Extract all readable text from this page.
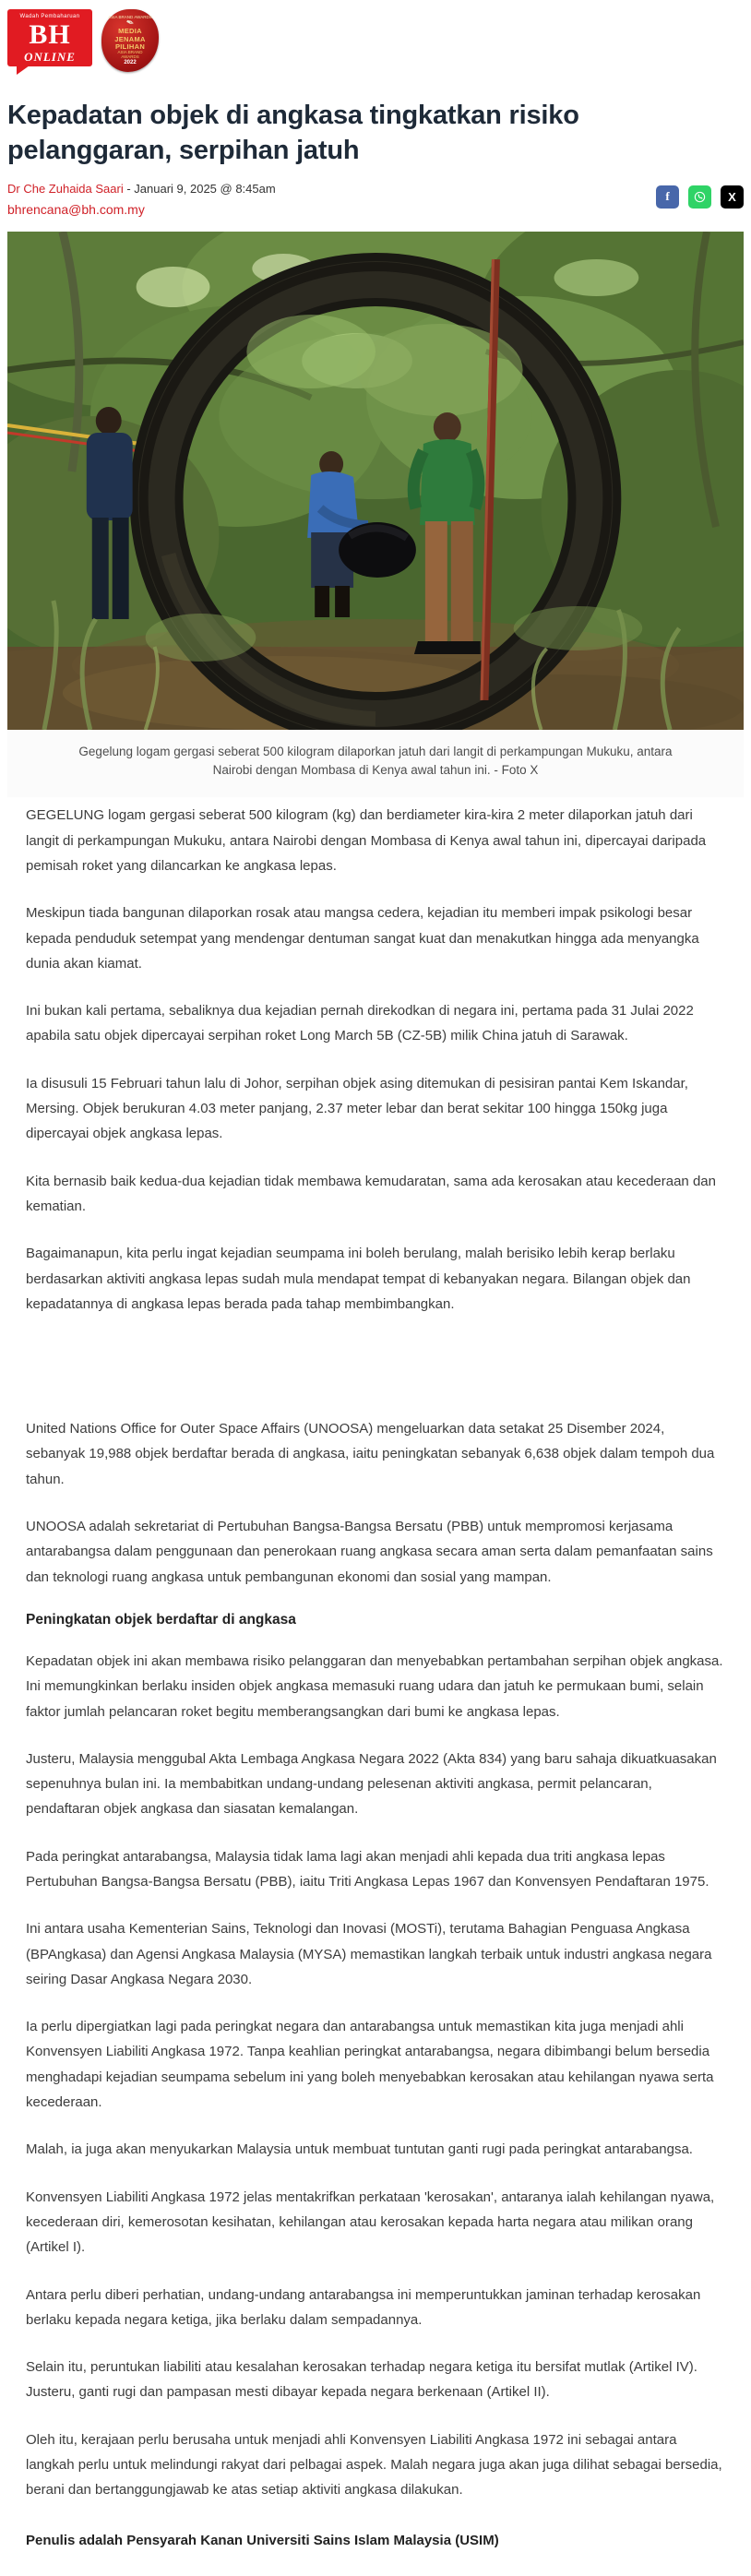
Wadah Pembaharuan
BH
ONLINE
ASIA BRAND AWARDS
✒
MEDIA
JENAMA
PILIHAN
ASIA BRAND
AWARDS
2022
Kepadatan objek di angkasa tingkatkan risiko pelanggaran, serpihan jatuh
Dr Che Zuhaida Saari - Januari 9, 2025 @ 8:45am
bhrencana@bh.com.my
f	X
Gegelung logam gergasi seberat 500 kilogram dilaporkan jatuh dari langit di perkampungan Mukuku, antara Nairobi dengan Mombasa di Kenya awal tahun ini. - Foto X

GEGELUNG logam gergasi seberat 500 kilogram (kg) dan berdiameter kira-kira 2 meter dilaporkan jatuh dari langit di perkampungan Mukuku, antara Nairobi dengan Mombasa di Kenya awal tahun ini, dipercayai daripada pemisah roket yang dilancarkan ke angkasa lepas.

Meskipun tiada bangunan dilaporkan rosak atau mangsa cedera, kejadian itu memberi impak psikologi besar kepada penduduk setempat yang mendengar dentuman sangat kuat dan menakutkan hingga ada menyangka dunia akan kiamat.

Ini bukan kali pertama, sebaliknya dua kejadian pernah direkodkan di negara ini, pertama pada 31 Julai 2022 apabila satu objek dipercayai serpihan roket Long March 5B (CZ-5B) milik China jatuh di Sarawak.

Ia disusuli 15 Februari tahun lalu di Johor, serpihan objek asing ditemukan di pesisiran pantai Kem Iskandar, Mersing. Objek berukuran 4.03 meter panjang, 2.37 meter lebar dan berat sekitar 100 hingga 150kg juga dipercayai objek angkasa lepas.

Kita bernasib baik kedua-dua kejadian tidak membawa kemudaratan, sama ada kerosakan atau kecederaan dan kematian.

Bagaimanapun, kita perlu ingat kejadian seumpama ini boleh berulang, malah berisiko lebih kerap berlaku berdasarkan aktiviti angkasa lepas sudah mula mendapat tempat di kebanyakan negara. Bilangan objek dan kepadatannya di angkasa lepas berada pada tahap membimbangkan.

United Nations Office for Outer Space Affairs (UNOOSA) mengeluarkan data setakat 25 Disember 2024, sebanyak 19,988 objek berdaftar berada di angkasa, iaitu peningkatan sebanyak 6,638 objek dalam tempoh dua tahun.

UNOOSA adalah sekretariat di Pertubuhan Bangsa-Bangsa Bersatu (PBB) untuk mempromosi kerjasama antarabangsa dalam penggunaan dan penerokaan ruang angkasa secara aman serta dalam pemanfaatan sains dan teknologi ruang angkasa untuk pembangunan ekonomi dan sosial yang mampan.

Peningkatan objek berdaftar di angkasa

Kepadatan objek ini akan membawa risiko pelanggaran dan menyebabkan pertambahan serpihan objek angkasa. Ini memungkinkan berlaku insiden objek angkasa memasuki ruang udara dan jatuh ke permukaan bumi, selain faktor jumlah pelancaran roket begitu memberangsangkan dari bumi ke angkasa lepas.

Justeru, Malaysia menggubal Akta Lembaga Angkasa Negara 2022 (Akta 834) yang baru sahaja dikuatkuasakan sepenuhnya bulan ini. Ia membabitkan undang-undang pelesenan aktiviti angkasa, permit pelancaran, pendaftaran objek angkasa dan siasatan kemalangan.

Pada peringkat antarabangsa, Malaysia tidak lama lagi akan menjadi ahli kepada dua triti angkasa lepas Pertubuhan Bangsa-Bangsa Bersatu (PBB), iaitu Triti Angkasa Lepas 1967 dan Konvensyen Pendaftaran 1975.

Ini antara usaha Kementerian Sains, Teknologi dan Inovasi (MOSTi), terutama Bahagian Penguasa Angkasa (BPAngkasa) dan Agensi Angkasa Malaysia (MYSA) memastikan langkah terbaik untuk industri angkasa negara seiring Dasar Angkasa Negara 2030.

Ia perlu dipergiatkan lagi pada peringkat negara dan antarabangsa untuk memastikan kita juga menjadi ahli Konvensyen Liabiliti Angkasa 1972. Tanpa keahlian peringkat antarabangsa, negara dibimbangi belum bersedia menghadapi kejadian seumpama sebelum ini yang boleh menyebabkan kerosakan atau kehilangan nyawa serta kecederaan.

Malah, ia juga akan menyukarkan Malaysia untuk membuat tuntutan ganti rugi pada peringkat antarabangsa.

Konvensyen Liabiliti Angkasa 1972 jelas mentakrifkan perkataan 'kerosakan', antaranya ialah kehilangan nyawa, kecederaan diri, kemerosotan kesihatan, kehilangan atau kerosakan kepada harta negara atau milikan orang (Artikel I).

Antara perlu diberi perhatian, undang-undang antarabangsa ini memperuntukkan jaminan terhadap kerosakan berlaku kepada negara ketiga, jika berlaku dalam sempadannya.

Selain itu, peruntukan liabiliti atau kesalahan kerosakan terhadap negara ketiga itu bersifat mutlak (Artikel IV). Justeru, ganti rugi dan pampasan mesti dibayar kepada negara berkenaan (Artikel II).

Oleh itu, kerajaan perlu berusaha untuk menjadi ahli Konvensyen Liabiliti Angkasa 1972 ini sebagai antara langkah perlu untuk melindungi rakyat dari pelbagai aspek. Malah negara juga akan juga dilihat sebagai bersedia, berani dan bertanggungjawab ke atas setiap aktiviti angkasa dilakukan.

Penulis adalah Pensyarah Kanan Universiti Sains Islam Malaysia (USIM)
